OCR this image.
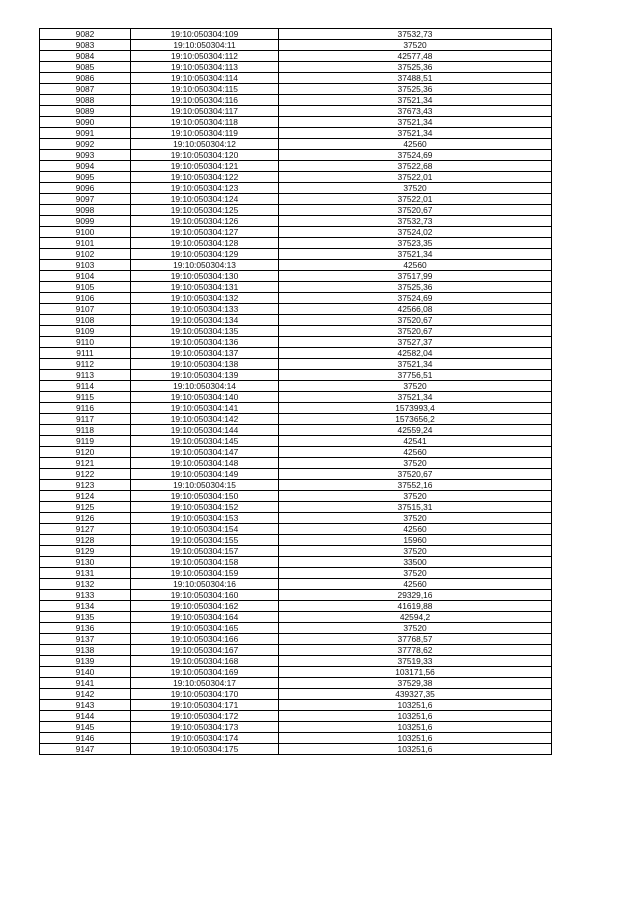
9082	19:10:050304:109	37532,73
9083	19:10:050304:11	37520
9084	19:10:050304:112	42577,48
9085	19:10:050304:113	37525,36
9086	19:10:050304:114	37488,51
9087	19:10:050304:115	37525,36
9088	19:10:050304:116	37521,34
9089	19:10:050304:117	37673,43
9090	19:10:050304:118	37521,34
9091	19:10:050304:119	37521,34
9092	19:10:050304:12	42560
9093	19:10:050304:120	37524,69
9094	19:10:050304:121	37522,68
9095	19:10:050304:122	37522,01
9096	19:10:050304:123	37520
9097	19:10:050304:124	37522,01
9098	19:10:050304:125	37520,67
9099	19:10:050304:126	37532,73
9100	19:10:050304:127	37524,02
9101	19:10:050304:128	37523,35
9102	19:10:050304:129	37521,34
9103	19:10:050304:13	42560
9104	19:10:050304:130	37517,99
9105	19:10:050304:131	37525,36
9106	19:10:050304:132	37524,69
9107	19:10:050304:133	42566,08
9108	19:10:050304:134	37520,67
9109	19:10:050304:135	37520,67
9110	19:10:050304:136	37527,37
9111	19:10:050304:137	42582,04
9112	19:10:050304:138	37521,34
9113	19:10:050304:139	37756,51
9114	19:10:050304:14	37520
9115	19:10:050304:140	37521,34
9116	19:10:050304:141	1573993,4
9117	19:10:050304:142	1573656,2
9118	19:10:050304:144	42559,24
9119	19:10:050304:145	42541
9120	19:10:050304:147	42560
9121	19:10:050304:148	37520
9122	19:10:050304:149	37520,67
9123	19:10:050304:15	37552,16
9124	19:10:050304:150	37520
9125	19:10:050304:152	37515,31
9126	19:10:050304:153	37520
9127	19:10:050304:154	42560
9128	19:10:050304:155	15960
9129	19:10:050304:157	37520
9130	19:10:050304:158	33500
9131	19:10:050304:159	37520
9132	19:10:050304:16	42560
9133	19:10:050304:160	29329,16
9134	19:10:050304:162	41619,88
9135	19:10:050304:164	42594,2
9136	19:10:050304:165	37520
9137	19:10:050304:166	37768,57
9138	19:10:050304:167	37778,62
9139	19:10:050304:168	37519,33
9140	19:10:050304:169	103171,56
9141	19:10:050304:17	37529,38
9142	19:10:050304:170	439327,35
9143	19:10:050304:171	103251,6
9144	19:10:050304:172	103251,6
9145	19:10:050304:173	103251,6
9146	19:10:050304:174	103251,6
9147	19:10:050304:175	103251,6
